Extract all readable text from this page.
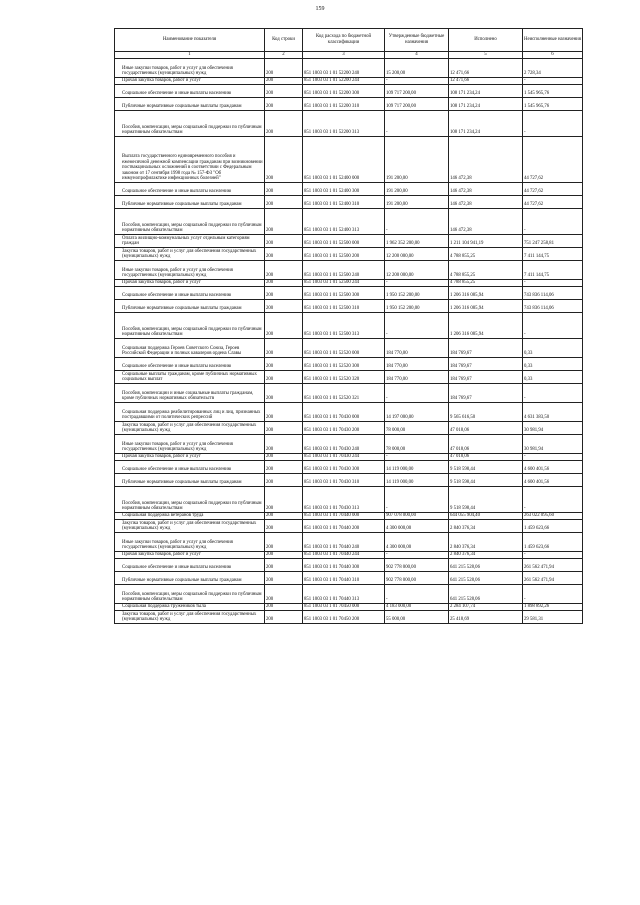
159
Наименование показателя	Код строки	Код расхода по бюджетной классификации	Утвержденные бюджетные назначения	Исполнено	Неисполненные назначения
1	2	3	4	5	6

Иные закупки товаров, работ и услуг для обеспечения государственных (муниципальных) нужд	200	851 1003 03 1 01 52200 240	15 200,00	12 471,66	2 728,34

Прочая закупка товаров, работ и услуг	200	851 1003 03 1 01 52200 244	-	12 471,66	-

Социальное обеспечение и иные выплаты населению	200	851 1003 03 1 01 52200 300	109 717 200,00	108 171 234,24	1 545 965,76

Публичные нормативные социальные выплаты гражданам	200	851 1003 03 1 01 52200 310	109 717 200,00	108 171 234,24	1 545 965,76

Пособия, компенсации, меры социальной поддержки по публичным нормативным обязательствам	200	851 1003 03 1 01 52200 313	-	108 171 234,24	-

Выплата государственного единовременного пособия и ежемесячной денежной компенсации гражданам при возникновении поствакцинальных осложнений в соответствии с Федеральным законом от 17 сентября 1998 года № 157-ФЗ "Об иммунопрофилактике инфекционных болезней"	200	851 1003 03 1 01 52400 000	191 200,00	146 472,38	44 727,62

Социальное обеспечение и иные выплаты населению	200	851 1003 03 1 01 52400 300	191 200,00	146 472,38	44 727,62

Публичные нормативные социальные выплаты гражданам	200	851 1003 03 1 01 52400 310	191 200,00	146 472,38	44 727,62

Пособия, компенсации, меры социальной поддержки по публичным нормативным обязательствам	200	851 1003 03 1 01 52400 313	-	146 472,38	-

Оплата жилищно-коммунальных услуг отдельным категориям граждан	200	851 1003 03 1 01 52500 000	1 962 352 200,00	1 211 104 941,19	751 247 258,81

Закупка товаров, работ и услуг для обеспечения государственных (муниципальных) нужд	200	851 1003 03 1 01 52500 200	12 200 000,00	4 788 855,25	7 411 144,75

Иные закупки товаров, работ и услуг для обеспечения государственных (муниципальных) нужд	200	851 1003 03 1 01 52500 240	12 200 000,00	4 788 855,25	7 411 144,75

Прочая закупка товаров, работ и услуг	200	851 1003 03 1 01 52500 244	-	4 788 855,25	-

Социальное обеспечение и иные выплаты населению	200	851 1003 03 1 01 52500 300	1 950 152 200,00	1 206 316 085,94	743 836 114,06

Публичные нормативные социальные выплаты гражданам	200	851 1003 03 1 01 52500 310	1 950 152 200,00	1 206 316 085,94	743 836 114,06

Пособия, компенсации, меры социальной поддержки по публичным нормативным обязательствам	200	851 1003 03 1 01 52500 313	-	1 206 316 085,94	-

Социальная поддержка Героев Советского Союза, Героев Российской Федерации и полных кавалеров ордена Славы	200	851 1003 03 1 01 52520 000	184 770,00	184 769,67	0,33

Социальное обеспечение и иные выплаты населению	200	851 1003 03 1 01 52520 300	184 770,00	184 769,67	0,33

Социальные выплаты гражданам, кроме публичных нормативных социальных выплат	200	851 1003 03 1 01 52520 320	184 770,00	184 769,67	0,33

Пособия, компенсации и иные социальные выплаты гражданам, кроме публичных нормативных обязательств	200	851 1003 03 1 01 52520 321	-	184 769,67	-

Социальная поддержка реабилитированных лиц и лиц, признанных пострадавшими от политических репрессий	200	851 1003 03 1 01 70430 000	14 197 000,00	9 565 616,50	4 631 383,50

Закупка товаров, работ и услуг для обеспечения государственных (муниципальных) нужд	200	851 1003 03 1 01 70430 200	78 000,00	47 018,06	30 981,94

Иные закупки товаров, работ и услуг для обеспечения государственных (муниципальных) нужд	200	851 1003 03 1 01 70430 240	78 000,00	47 018,06	30 981,94

Прочая закупка товаров, работ и услуг	200	851 1003 03 1 01 70430 244	-	47 018,06	-

Социальное обеспечение и иные выплаты населению	200	851 1003 03 1 01 70430 300	14 119 000,00	9 518 598,44	4 600 401,56

Публичные нормативные социальные выплаты гражданам	200	851 1003 03 1 01 70430 310	14 119 000,00	9 518 598,44	4 600 401,56

Пособия, компенсации, меры социальной поддержки по публичным нормативным обязательствам	200	851 1003 03 1 01 70430 313	-	9 518 598,44	-

Социальная поддержка ветеранов труда	200	851 1003 03 1 01 70440 000	907 078 000,00	644 055 904,40	263 022 095,60

Закупка товаров, работ и услуг для обеспечения государственных (муниципальных) нужд	200	851 1003 03 1 01 70440 200	4 300 000,00	2 840 376,34	1 459 623,66

Иные закупки товаров, работ и услуг для обеспечения государственных (муниципальных) нужд	200	851 1003 03 1 01 70440 240	4 300 000,00	2 840 376,34	1 459 623,66

Прочая закупка товаров, работ и услуг	200	851 1003 03 1 01 70440 244	-	2 840 376,34	-

Социальное обеспечение и иные выплаты населению	200	851 1003 03 1 01 70440 300	902 778 000,00	641 215 528,06	261 562 471,94

Публичные нормативные социальные выплаты гражданам	200	851 1003 03 1 01 70440 310	902 778 000,00	641 215 528,06	261 562 471,94

Пособия, компенсации, меры социальной поддержки по публичным нормативным обязательствам	200	851 1003 03 1 01 70440 313	-	641 215 528,06	-

Социальная поддержка тружеников тыла	200	851 1003 03 1 01 70450 000	4 183 000,00	2 284 107,74	1 898 892,26

Закупка товаров, работ и услуг для обеспечения государственных (муниципальных) нужд	200	851 1003 03 1 01 70450 200	55 000,00	25 418,69	29 581,31
